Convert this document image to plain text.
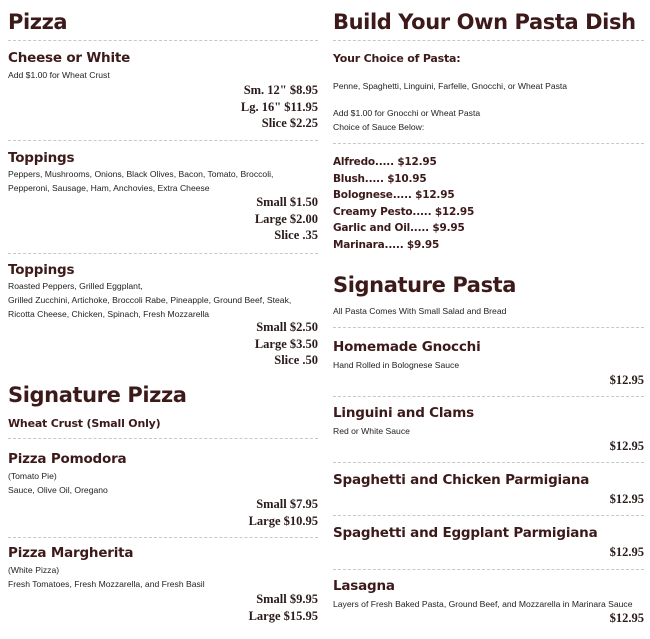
Pizza
Cheese or White
Add $1.00 for Wheat Crust
Sm. 12" $8.95
Lg. 16" $11.95
Slice $2.25
Toppings
Peppers, Mushrooms, Onions, Black Olives, Bacon, Tomato, Broccoli,
Pepperoni, Sausage, Ham, Anchovies, Extra Cheese
Small $1.50
Large $2.00
Slice .35
Toppings
Roasted Peppers, Grilled Eggplant,
Grilled Zucchini, Artichoke, Broccoli Rabe, Pineapple, Ground Beef, Steak,
Ricotta Cheese, Chicken, Spinach, Fresh Mozzarella
Small $2.50
Large $3.50
Slice .50
Signature Pizza
Wheat Crust (Small Only)
Pizza Pomodora
(Tomato Pie)
Sauce, Olive Oil, Oregano
Small $7.95
Large $10.95
Pizza Margherita
(White Pizza)
Fresh Tomatoes, Fresh Mozzarella, and Fresh Basil
Small $9.95
Large $15.95
Build Your Own Pasta Dish
Your Choice of Pasta:
Penne, Spaghetti, Linguini, Farfelle, Gnocchi, or Wheat Pasta
Add $1.00 for Gnocchi or Wheat Pasta
Choice of Sauce Below:
Alfredo..... $12.95
Blush..... $10.95
Bolognese..... $12.95
Creamy Pesto..... $12.95
Garlic and Oil..... $9.95
Marinara..... $9.95
Signature Pasta
All Pasta Comes With Small Salad and Bread
Homemade Gnocchi
Hand Rolled in Bolognese Sauce
$12.95
Linguini and Clams
Red or White Sauce
$12.95
Spaghetti and Chicken Parmigiana
$12.95
Spaghetti and Eggplant Parmigiana
$12.95
Lasagna
Layers of Fresh Baked Pasta, Ground Beef, and Mozzarella in Marinara Sauce
$12.95
